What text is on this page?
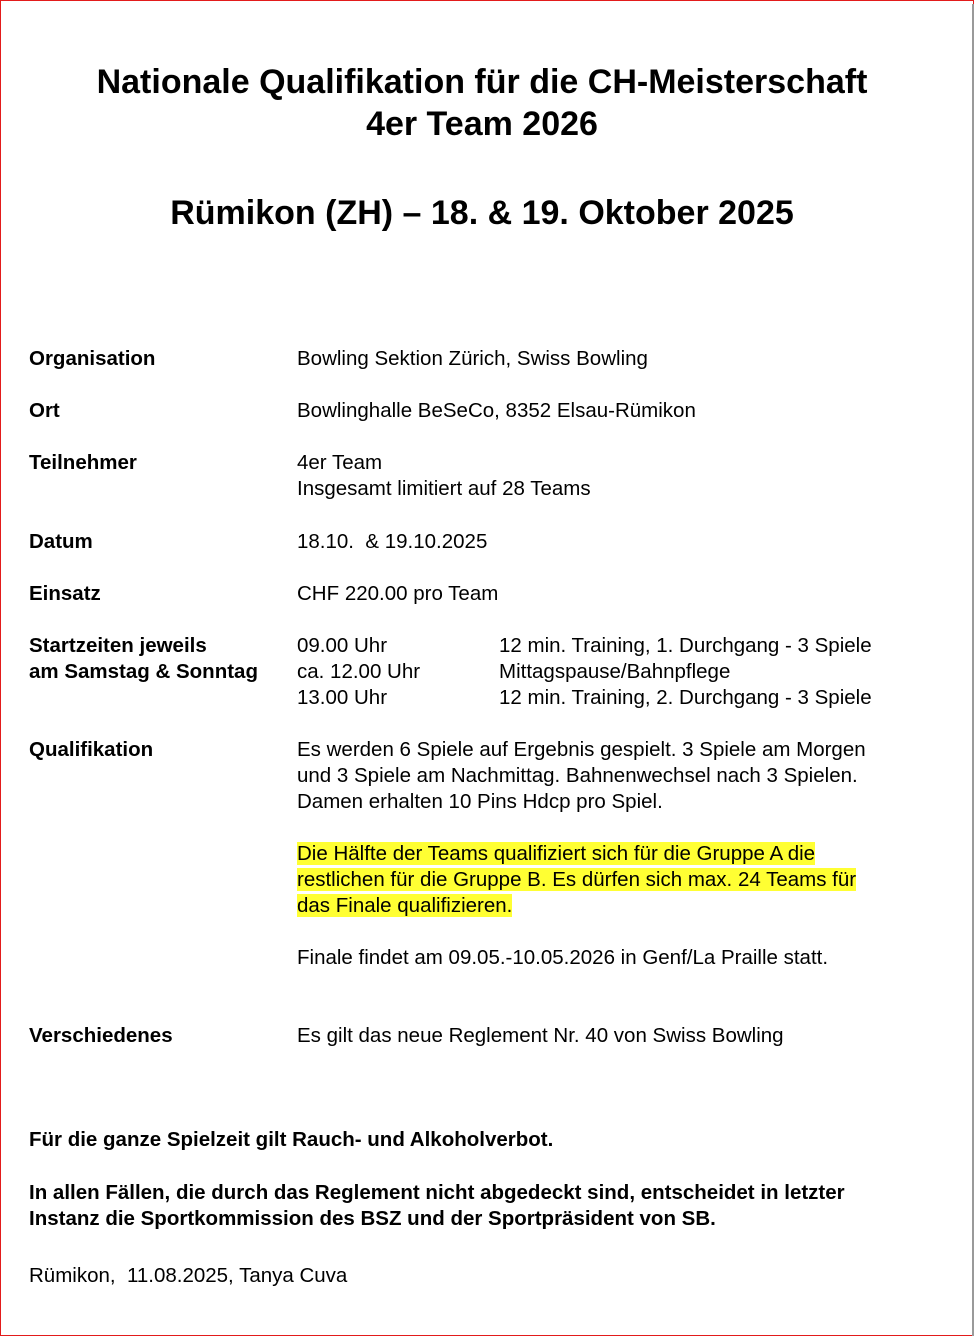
Nationale Qualifikation für die CH-Meisterschaft
4er Team 2026
Rümikon (ZH) – 18. & 19. Oktober 2025
Organisation	Bowling Sektion Zürich, Swiss Bowling
Ort	Bowlinghalle BeSeCo, 8352 Elsau-Rümikon
Teilnehmer	4er Team
Insgesamt limitiert auf 28 Teams
Datum	18.10.  & 19.10.2025
Einsatz	CHF 220.00 pro Team
Startzeiten jeweils
am Samstag & Sonntag
09.00 Uhr	12 min. Training, 1. Durchgang - 3 Spiele
ca. 12.00 Uhr	Mittagspause/Bahnpflege
13.00 Uhr	12 min. Training, 2. Durchgang - 3 Spiele
Qualifikation	Es werden 6 Spiele auf Ergebnis gespielt. 3 Spiele am Morgen
und 3 Spiele am Nachmittag. Bahnenwechsel nach 3 Spielen.
Damen erhalten 10 Pins Hdcp pro Spiel.
Die Hälfte der Teams qualifiziert sich für die Gruppe A die
restlichen für die Gruppe B. Es dürfen sich max. 24 Teams für
das Finale qualifizieren.
Finale findet am 09.05.-10.05.2026 in Genf/La Praille statt.
Verschiedenes	Es gilt das neue Reglement Nr. 40 von Swiss Bowling
Für die ganze Spielzeit gilt Rauch- und Alkoholverbot.
In allen Fällen, die durch das Reglement nicht abgedeckt sind, entscheidet in letzter
Instanz die Sportkommission des BSZ und der Sportpräsident von SB.
Rümikon,  11.08.2025, Tanya Cuva
